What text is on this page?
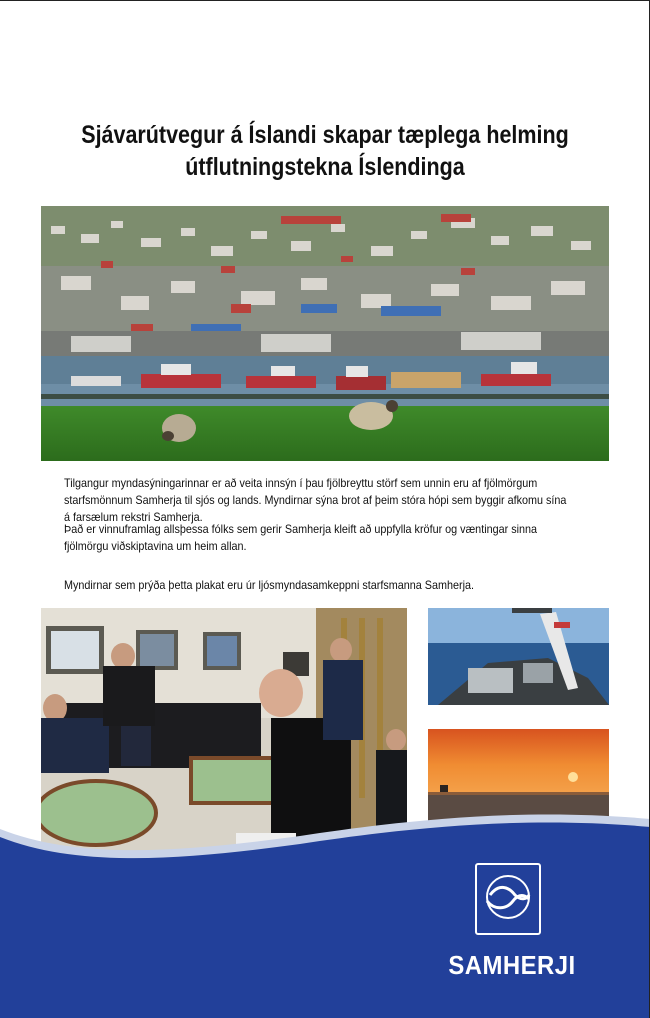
Sjávarútvegur á Íslandi skapar tæplega helming
útflutningstekna Íslendinga

Tilgangur myndasýningarinnar er að veita innsýn í þau fjölbreyttu störf sem unnin eru af fjölmörgum starfsmönnum Samherja til sjós og lands. Myndirnar sýna brot af þeim stóra hópi sem byggir afkomu sína á farsælum rekstri Samherja.

Það er vinnuframlag allsþessa fólks sem gerir Samherja kleift að uppfylla kröfur og væntingar sinna fjölmörgu viðskiptavina um heim allan.

Myndirnar sem prýða þetta plakat eru úr ljósmyndasamkeppni starfsmanna Samherja.

SAMHERJI
